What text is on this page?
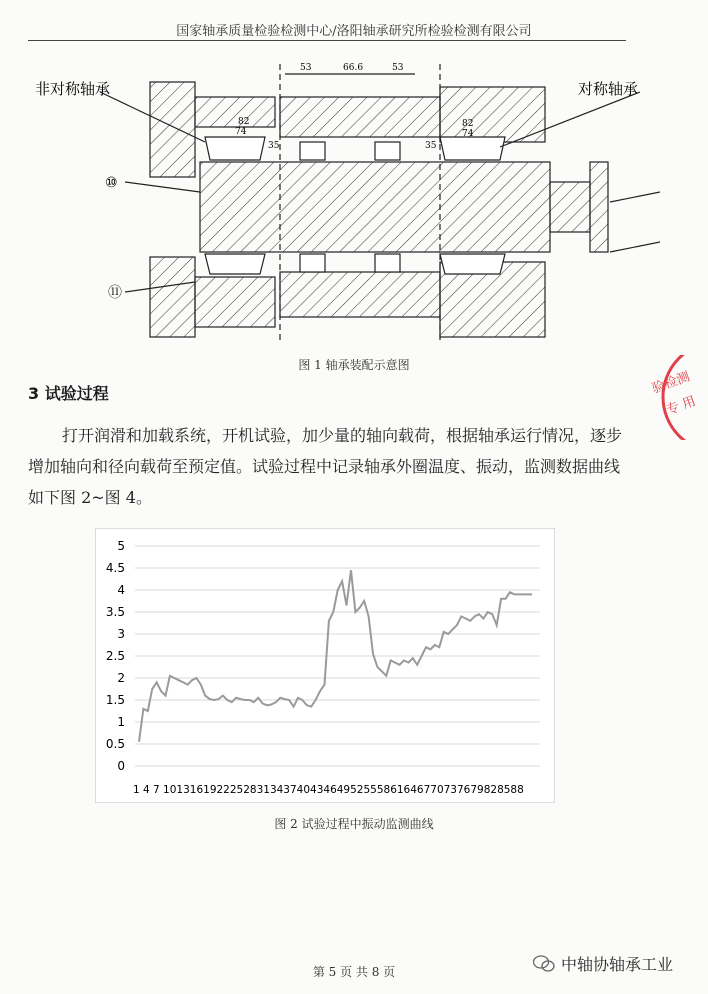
国家轴承质量检验检测中心/洛阳轴承研究所检验检测有限公司
非对称轴承	对称轴承
53	66.6	53
82
74
82
74
35	35
⑩
⑪
图 1 轴承装配示意图
3 试验过程
打开润滑和加载系统，开机试验，加少量的轴向载荷，根据轴承运行情况，逐步增加轴向和径向载荷至预定值。试验过程中记录轴承外圈温度、振动，监测数据曲线如下图 2~图 4。
0
0.5
1
1.5
2
2.5
3
3.5
4
4.5
5
1 4 7 101316192225283134374043464952555861646770737679828588
图 2 试验过程中振动监测曲线
第 5 页 共 8 页	中轴协轴承工业
验检测
专 用
